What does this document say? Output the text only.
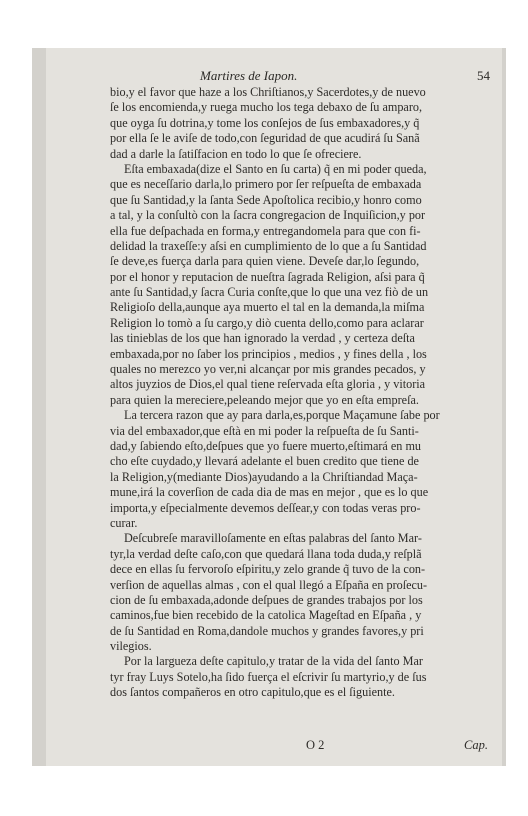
Martires de Iapon.	54
bio,y el favor que haze a los Chriſtianos,y Sacerdotes,y de nuevo
ſe los encomienda,y ruega mucho los tega debaxo de ſu amparo,
que oyga ſu dotrina,y tome los conſejos de ſus embaxadores,y q̃
por ella ſe le aviſe de todo,con ſeguridad de que acudirá ſu Sanã
dad a darle la ſatiſfacion en todo lo que ſe ofreciere.
Eſta embaxada(dize el Santo en ſu carta) q̃ en mi poder queda,
que es neceſſario darla,lo primero por ſer reſpueſta de embaxada
que ſu Santidad,y la ſanta Sede Apoſtolica recibio,y honro como
a tal, y la conſultò con la ſacra congregacion de Inquiſicion,y por
ella fue deſpachada en forma,y entregandomela para que con fi-
delidad la traxeſſe:y aſsi en cumplimiento de lo que a ſu Santidad
ſe deve,es fuerça darla para quien viene. Deveſe dar,lo ſegundo,
por el honor y reputacion de nueſtra ſagrada Religion, aſsi para q̃
ante ſu Santidad,y ſacra Curia conſte,que lo que una vez fiò de un
Religioſo della,aunque aya muerto el tal en la demanda,la miſma
Religion lo tomò a ſu cargo,y diò cuenta dello,como para aclarar
las tinieblas de los que han ignorado la verdad , y certeza deſta
embaxada,por no ſaber los principios , medios , y fines della , los
quales no merezco yo ver,ni alcançar por mis grandes pecados, y
altos juyzios de Dios,el qual tiene reſervada eſta gloria , y vitoria
para quien la mereciere,peleando mejor que yo en eſta empreſa.
La tercera razon que ay para darla,es,porque Maçamune ſabe por
via del embaxador,que eſtà en mi poder la reſpueſta de ſu Santi-
dad,y ſabiendo eſto,deſpues que yo fuere muerto,eſtimará en mu
cho eſte cuydado,y llevará adelante el buen credito que tiene de
la Religion,y(mediante Dios)ayudando a la Chriſtiandad Maça-
mune,irá la coverſion de cada dia de mas en mejor , que es lo que
importa,y eſpecialmente devemos deſſear,y con todas veras pro-
curar.
Deſcubreſe maravilloſamente en eſtas palabras del ſanto Mar-
tyr,la verdad deſte caſo,con que quedará llana toda duda,y reſplã
dece en ellas ſu fervoroſo eſpiritu,y zelo grande q̃ tuvo de la con-
verſion de aquellas almas , con el qual llegó a Eſpaña en proſecu-
cion de ſu embaxada,adonde deſpues de grandes trabajos por los
caminos,fue bien recebido de la catolica Mageſtad en Eſpaña , y
de ſu Santidad en Roma,dandole muchos y grandes favores,y pri
vilegios.
Por la largueza deſte capitulo,y tratar de la vida del ſanto Mar
tyr fray Luys Sotelo,ha ſido fuerça el eſcrivir ſu martyrio,y de ſus
dos ſantos compañeros en otro capitulo,que es el ſiguiente.
O 2	Cap.
